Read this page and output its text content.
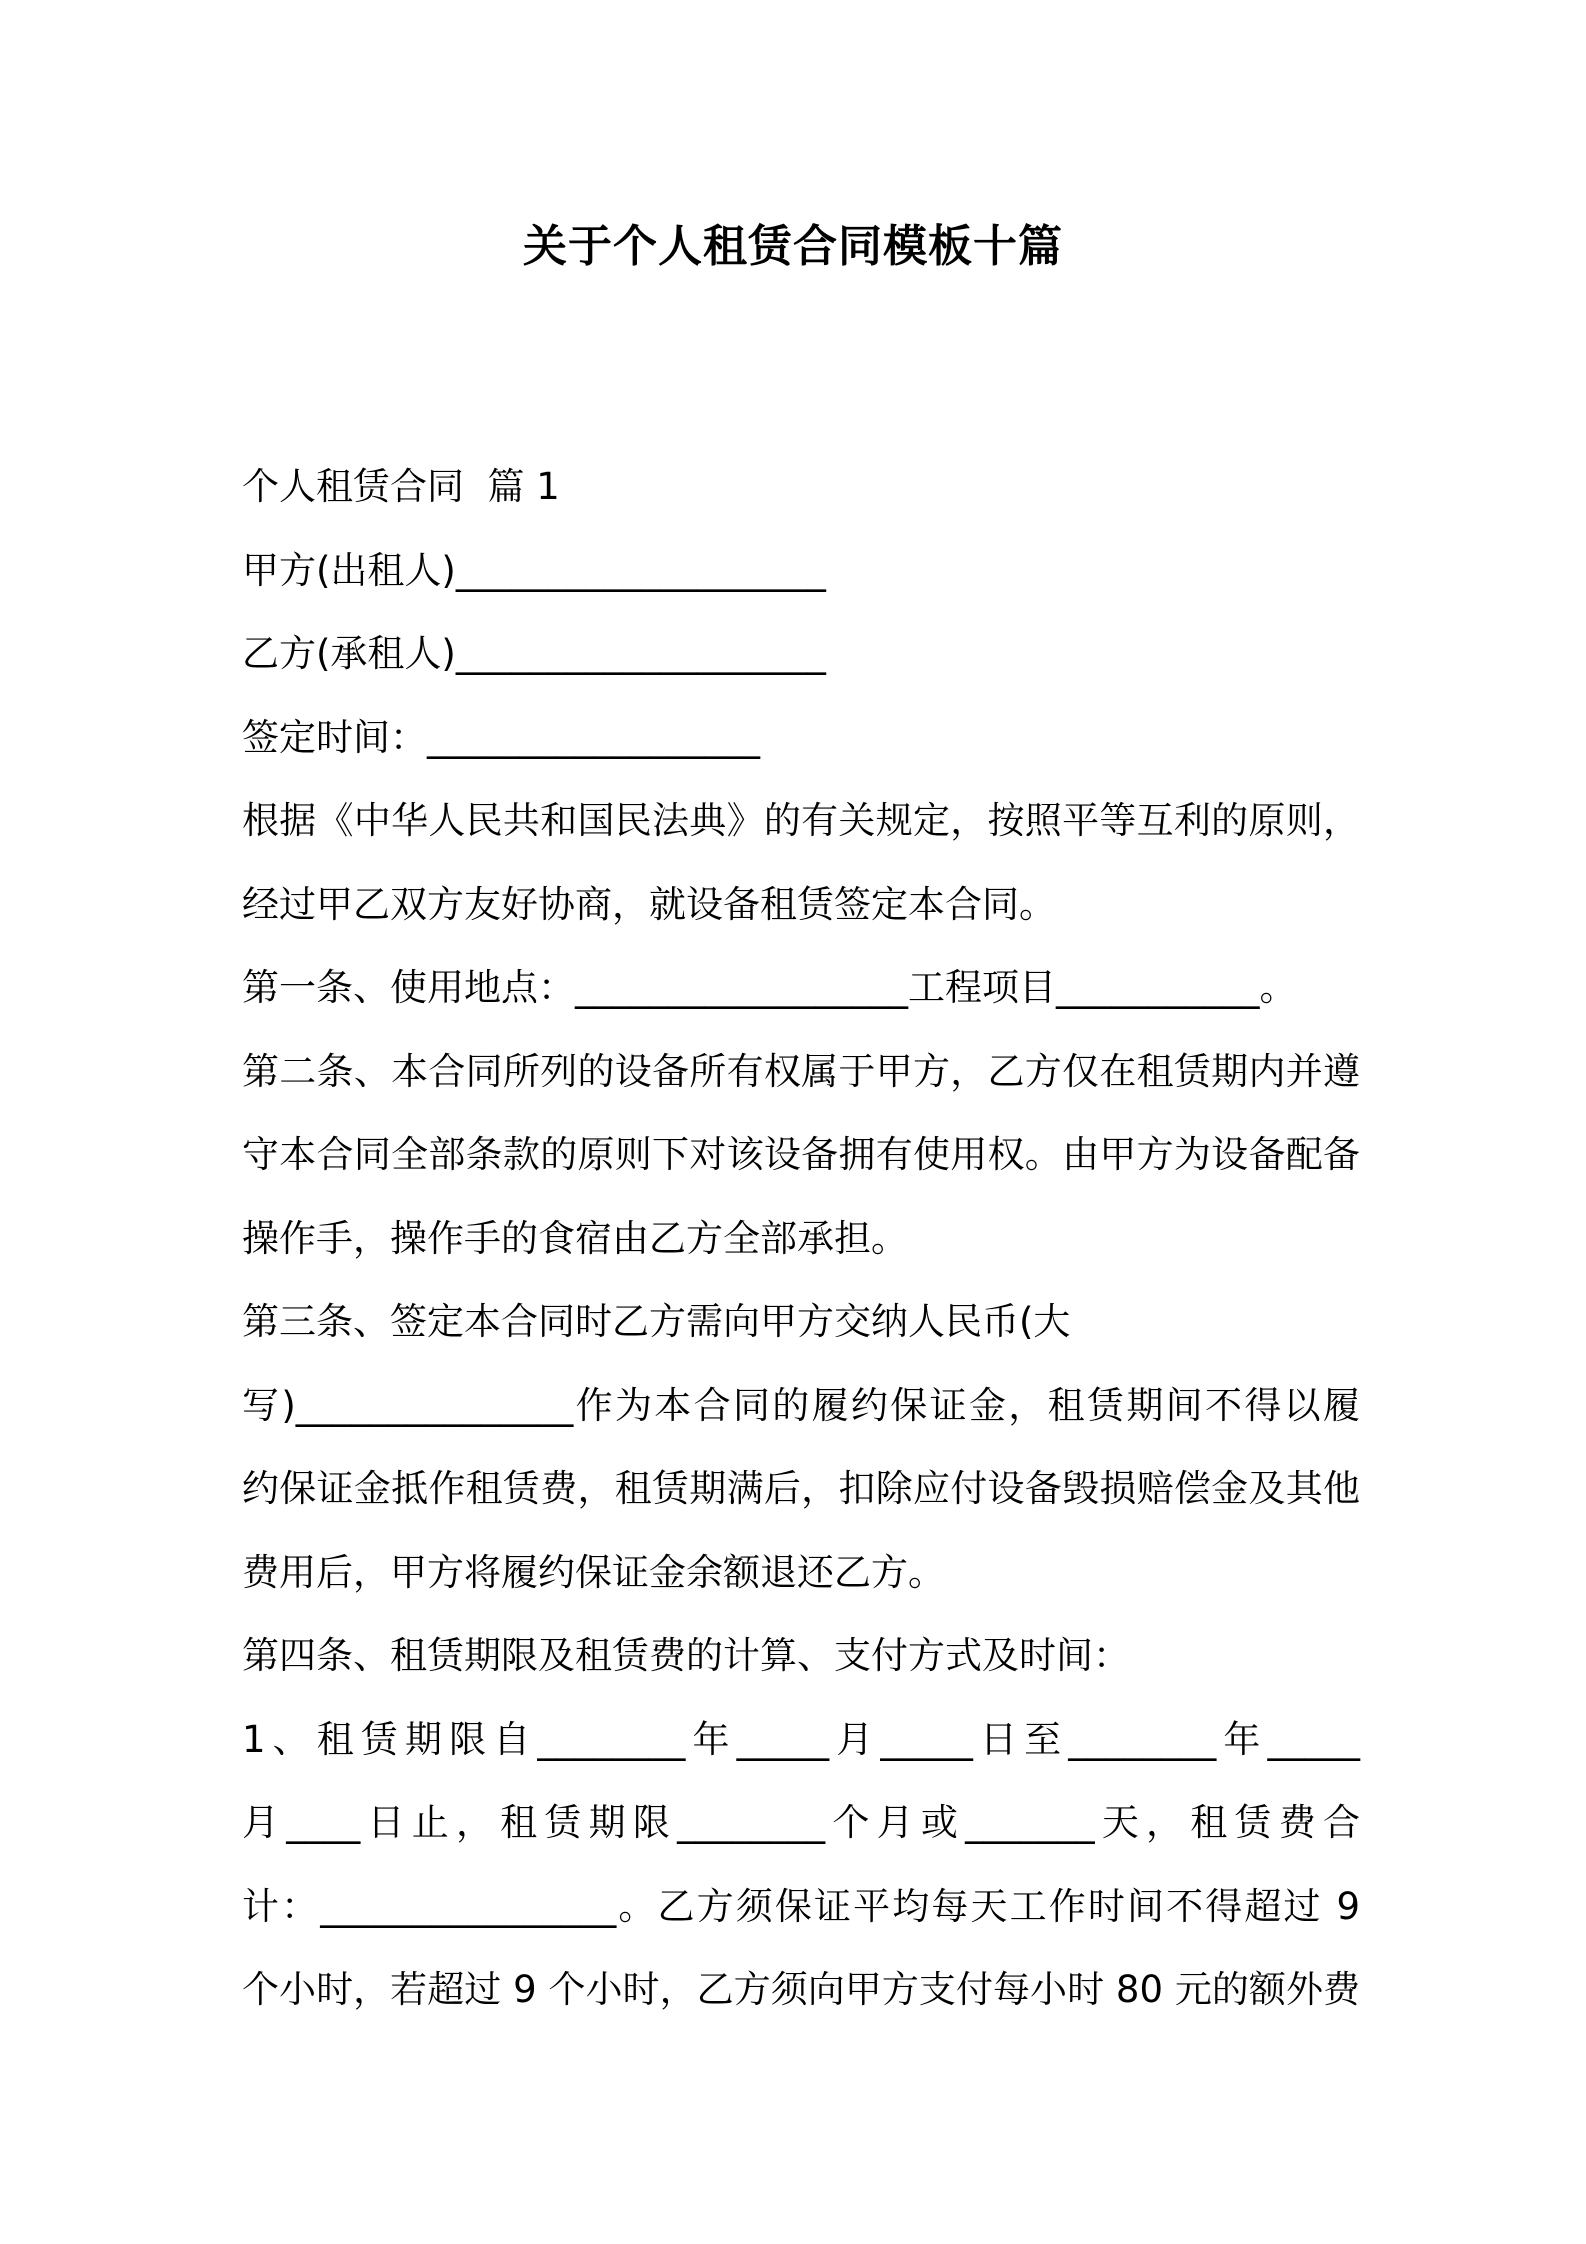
关于个人租赁合同模板十篇
个人租赁合同  篇 1
甲方(出租人)____________________
乙方(承租人)____________________
签定时间：__________________
根据《中华人民共和国民法典》的有关规定，按照平等互利的原则，
经过甲乙双方友好协商，就设备租赁签定本合同。
第一条、使用地点：__________________工程项目___________。
第二条、本合同所列的设备所有权属于甲方，乙方仅在租赁期内并遵
守本合同全部条款的原则下对该设备拥有使用权。由甲方为设备配备
操作手，操作手的食宿由乙方全部承担。
第三条、签定本合同时乙方需向甲方交纳人民币(大
写)_______________作为本合同的履约保证金，租赁期间不得以履
约保证金抵作租赁费，租赁期满后，扣除应付设备毁损赔偿金及其他
费用后，甲方将履约保证金余额退还乙方。
第四条、租赁期限及租赁费的计算、支付方式及时间：
1、租赁期限自________年_____月_____日至________年_____
月____日止，租赁期限________个月或_______天，租赁费合
计：________________。乙方须保证平均每天工作时间不得超过 9
个小时，若超过 9 个小时，乙方须向甲方支付每小时 80 元的额外费
